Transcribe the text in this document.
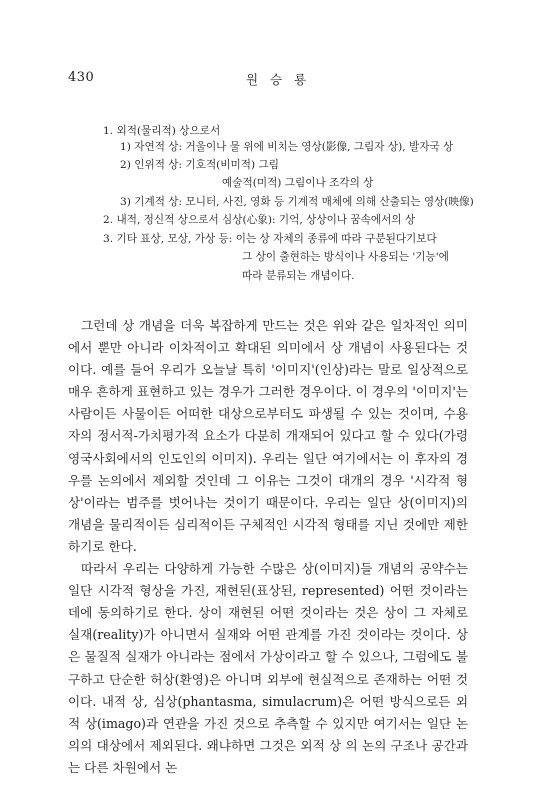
430	원 승 룡
1. 외적(물리적) 상으로서
1) 자연적 상: 거울이나 물 위에 비치는 영상(影像, 그림자 상), 발자국 상
2) 인위적 상: 기호적(비미적) 그림
예술적(미적) 그림이나 조각의 상
3) 기계적 상: 모니터, 사진, 영화 등 기계적 매체에 의해 산출되는 영상(映像)
2. 내적, 정신적 상으로서 심상(心象): 기억, 상상이나 꿈속에서의 상
3. 기타 표상, 모상, 가상 등: 이는 상 자체의 종류에 따라 구분된다기보다
그 상이 출현하는 방식이나 사용되는 '기능'에
따라 분류되는 개념이다.

그런데 상 개념을 더욱 복잡하게 만드는 것은 위와 같은 일차적인 의미에서 뿐만 아니라 이차적이고 확대된 의미에서 상 개념이 사용된다는 것이다. 예를 들어 우리가 오늘날 특히 '이미지'(인상)라는 말로 일상적으로 매우 흔하게 표현하고 있는 경우가 그러한 경우이다. 이 경우의 '이미지'는 사람이든 사물이든 어떠한 대상으로부터도 파생될 수 있는 것이며, 수용자의 정서적-가치평가적 요소가 다분히 개재되어 있다고 할 수 있다(가령 영국사회에서의 인도인의 이미지). 우리는 일단 여기에서는 이 후자의 경우를 논의에서 제외할 것인데 그 이유는 그것이 대개의 경우 '시각적 형상'이라는 범주를 벗어나는 것이기 때문이다. 우리는 일단 상(이미지)의 개념을 물리적이든 심리적이든 구체적인 시각적 형태를 지닌 것에만 제한하기로 한다.

따라서 우리는 다양하게 가능한 수많은 상(이미지)들 개념의 공약수는 일단 시각적 형상을 가진, 재현된(표상된, represented) 어떤 것이라는 데에 동의하기로 한다. 상이 재현된 어떤 것이라는 것은 상이 그 자체로 실재(reality)가 아니면서 실재와 어떤 관계를 가진 것이라는 것이다. 상은 물질적 실재가 아니라는 점에서 가상이라고 할 수 있으나, 그럼에도 불구하고 단순한 허상(환영)은 아니며 외부에 현실적으로 존재하는 어떤 것이다. 내적 상, 심상(phantasma, simulacrum)은 어떤 방식으로든 외적 상(imago)과 연관을 가진 것으로 추측할 수 있지만 여기서는 일단 논의의 대상에서 제외된다. 왜냐하면 그것은 외적 상 의 논의 구조나 공간과는 다른 차원에서 논
